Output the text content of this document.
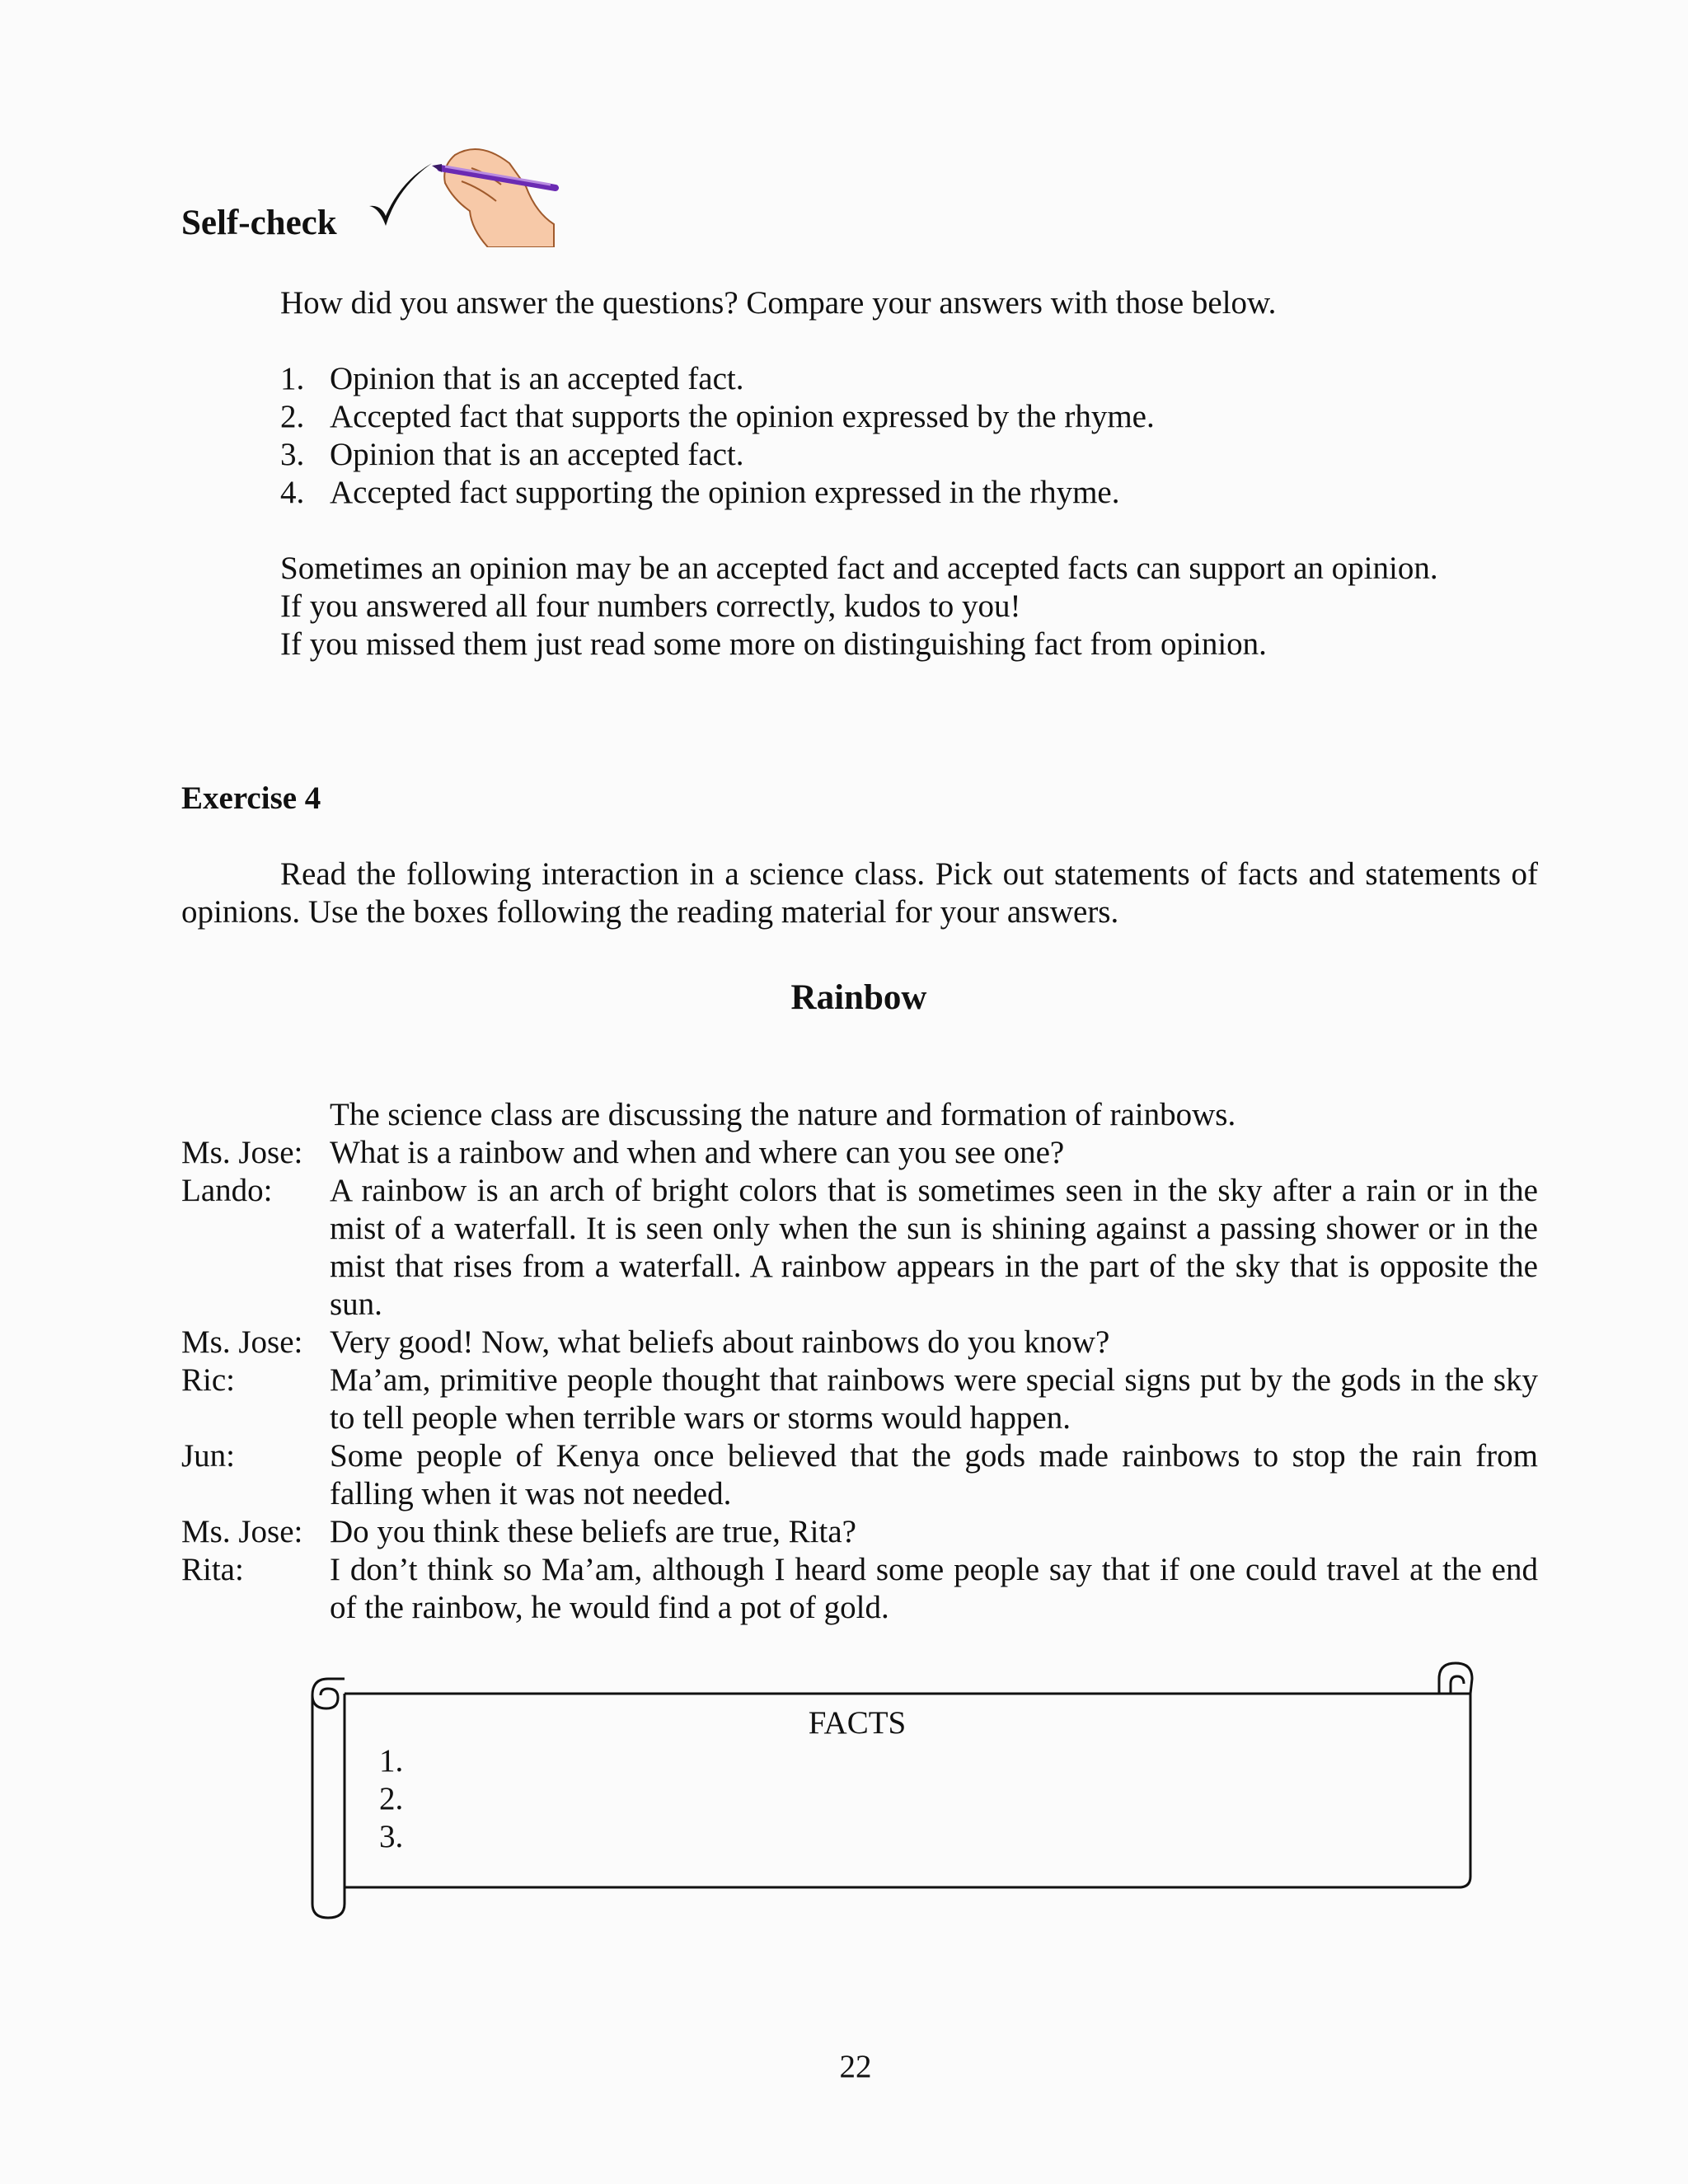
Self-check
How did you answer the questions? Compare your answers with those below.
1. Opinion that is an accepted fact.
2. Accepted fact that supports the opinion expressed by the rhyme.
3. Opinion that is an accepted fact.
4. Accepted fact supporting the opinion expressed in the rhyme.
Sometimes an opinion may be an accepted fact and accepted facts can support an opinion.
If you answered all four numbers correctly, kudos to you!
If you missed them just read some more on distinguishing fact from opinion.
Exercise 4
Read the following interaction in a science class. Pick out statements of facts and statements of opinions. Use the boxes following the reading material for your answers.
Rainbow
The science class are discussing the nature and formation of rainbows.
Ms. Jose: What is a rainbow and when and where can you see one?
Lando:	A rainbow is an arch of bright colors that is sometimes seen in the sky after a rain or in the mist of a waterfall. It is seen only when the sun is shining against a passing shower or in the mist that rises from a waterfall. A rainbow appears in the part of the sky that is opposite the sun.
Ms. Jose: Very good! Now, what beliefs about rainbows do you know?
Ric:	Ma’am, primitive people thought that rainbows were special signs put by the gods in the sky to tell people when terrible wars or storms would happen.
Jun:	Some people of Kenya once believed that the gods made rainbows to stop the rain from falling when it was not needed.
Ms. Jose: Do you think these beliefs are true, Rita?
Rita:	I don’t think so Ma’am, although I heard some people say that if one could travel at the end of the rainbow, he would find a pot of gold.
FACTS
1.
2.
3.
22
